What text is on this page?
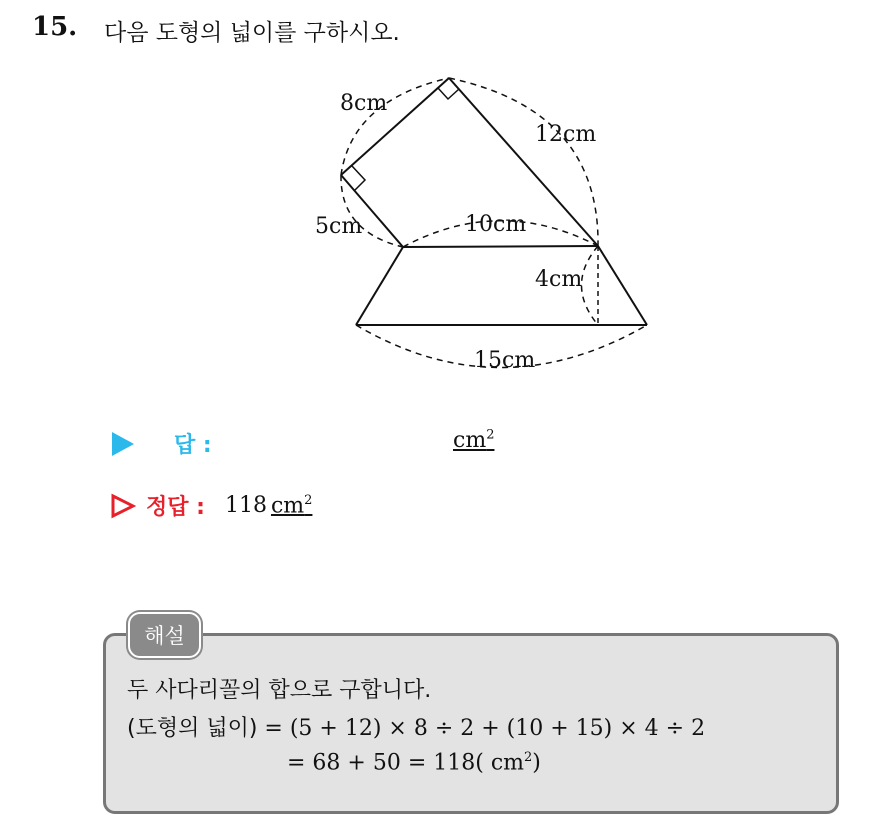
15. 다음 도형의 넓이를 구하시오.
8cm
12cm
5cm	10cm
4cm
15cm
답 :	$cm^2$
정답 : 118 $cm^2$
해설
두 사다리꼴의 합으로 구합니다.
(도형의 넓이) = (5 + 12) × 8 ÷ 2 + (10 + 15) × 4 ÷ 2
= 68 + 50 = 118( $cm^2$)
